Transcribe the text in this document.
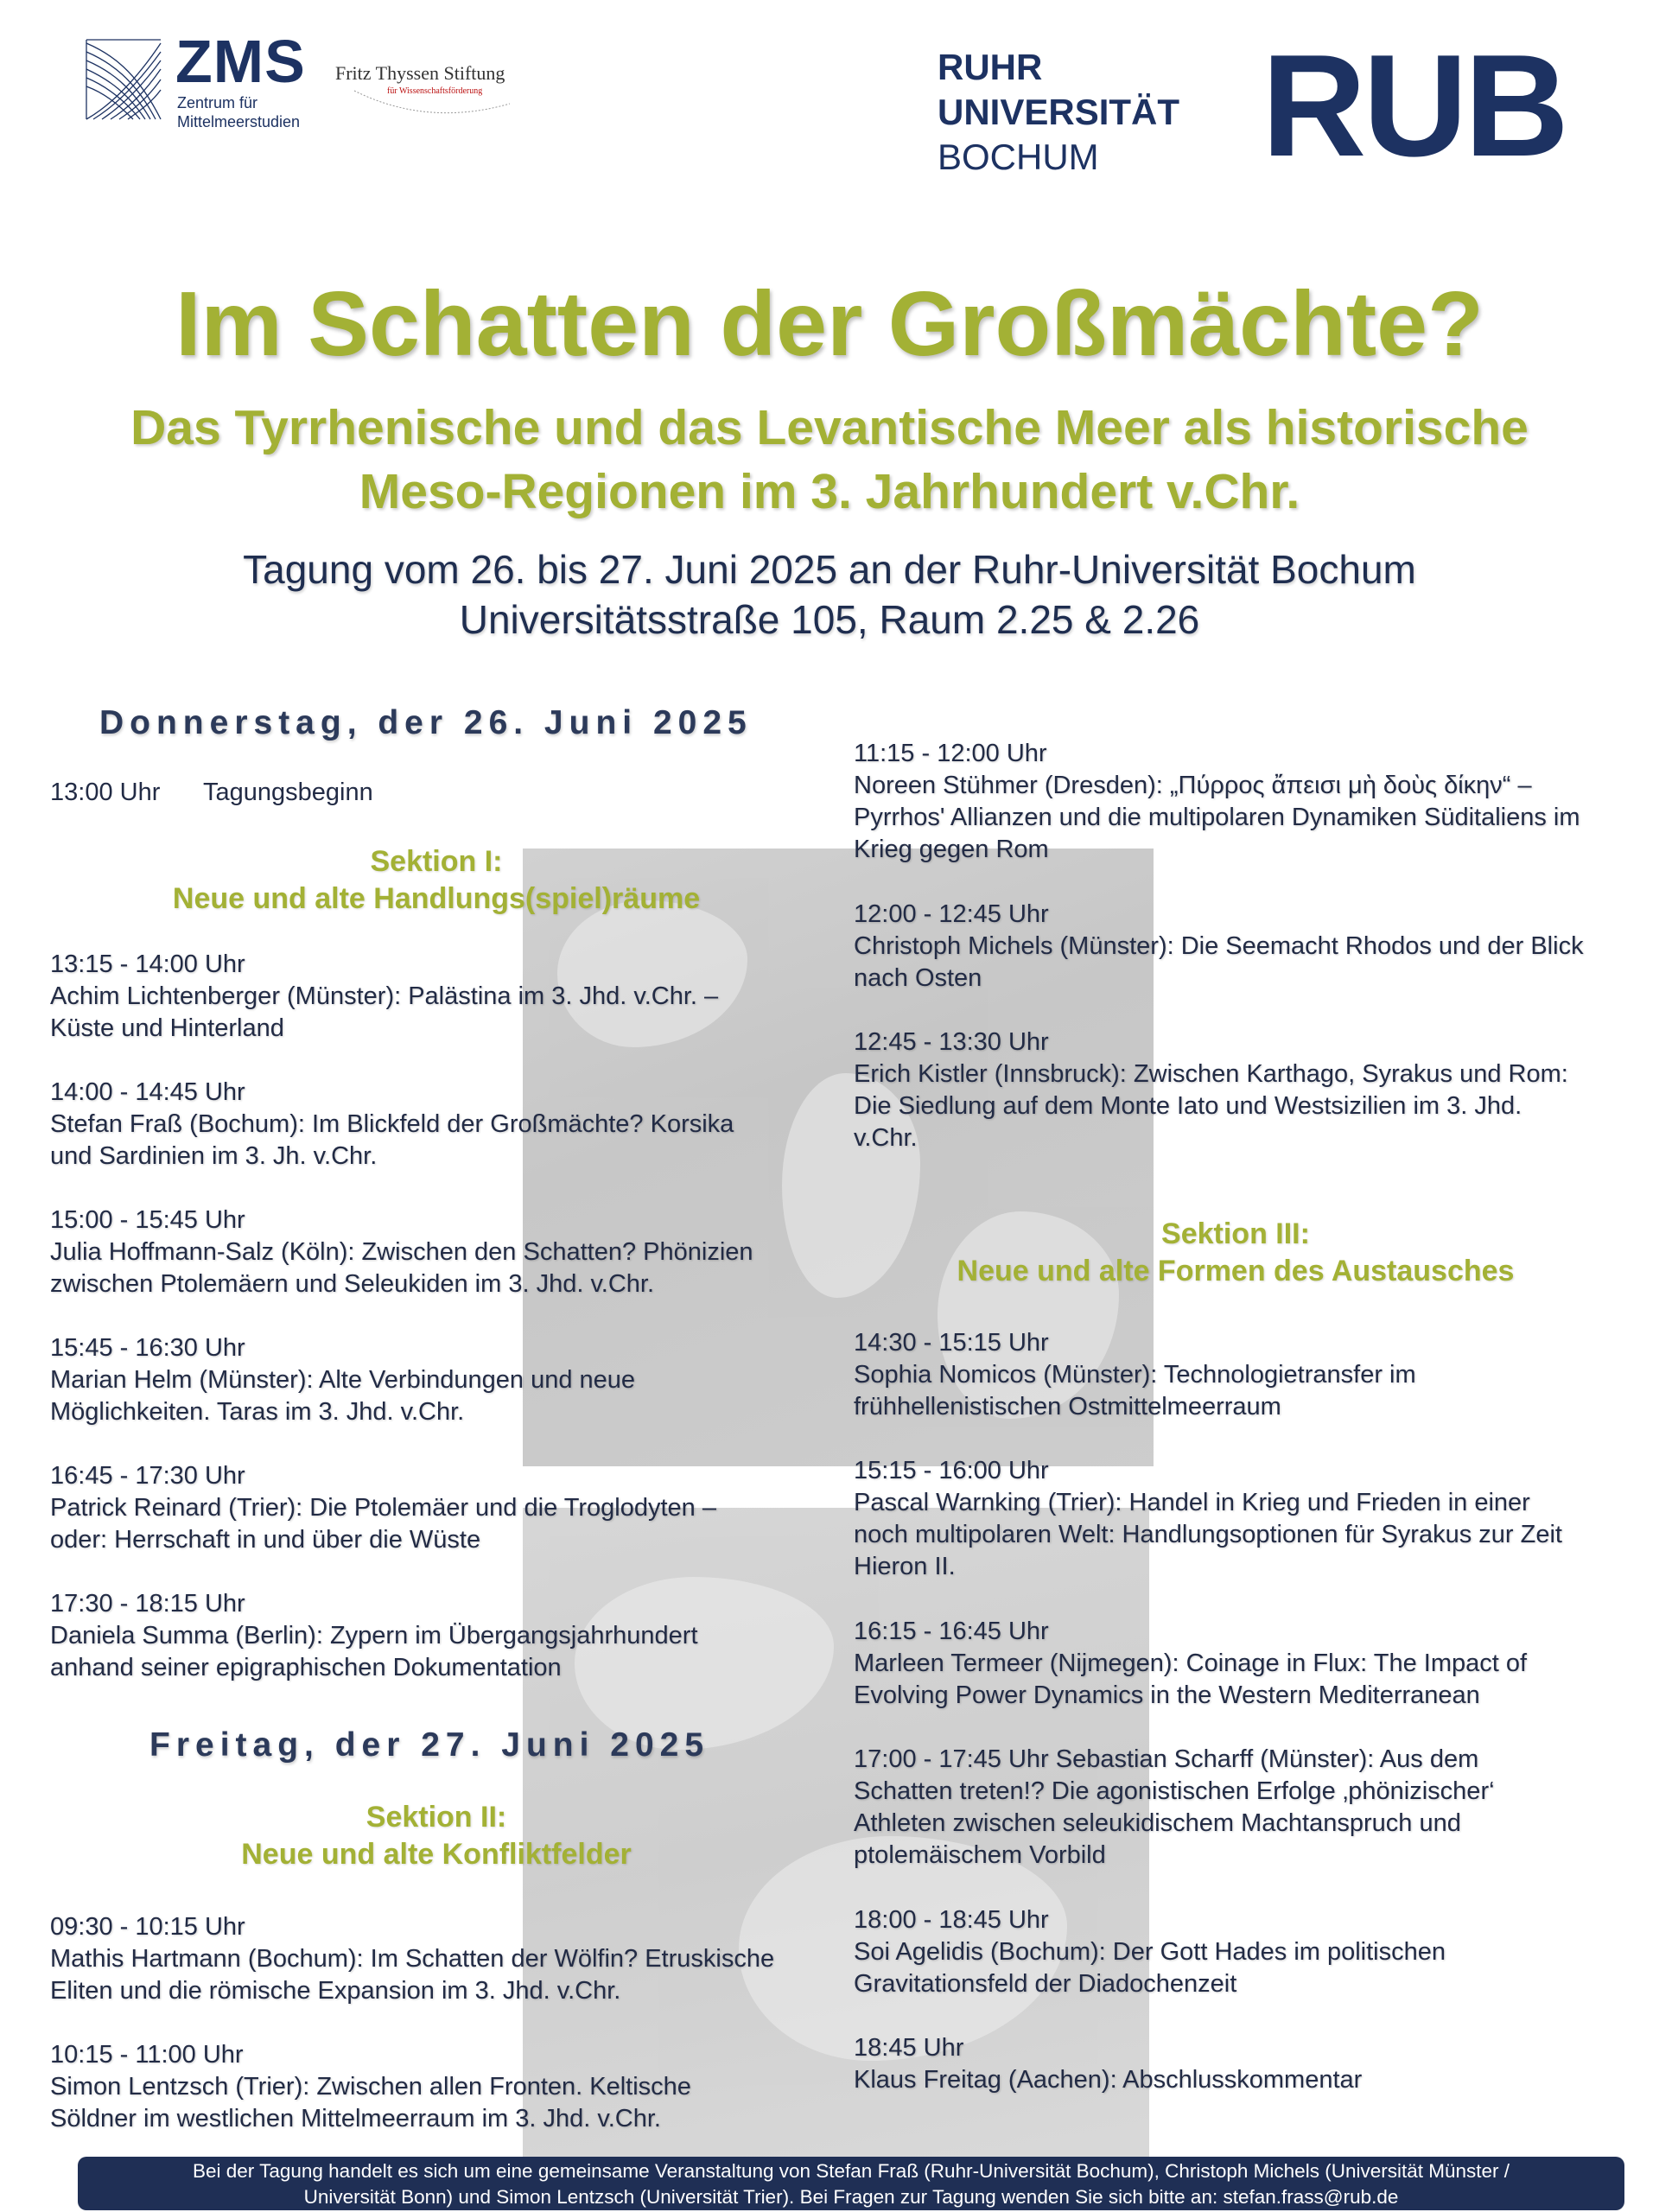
ZMS
Zentrum für
Mittelmeerstudien
Fritz Thyssen Stiftung
für Wissenschaftsförderung
RUHR
UNIVERSITÄT
BOCHUM	RUB
Im Schatten der Großmächte?
Das Tyrrhenische und das Levantische Meer als historische
Meso-Regionen im 3. Jahrhundert v.Chr.
Tagung vom 26. bis 27. Juni 2025 an der Ruhr-Universität Bochum
Universitätsstraße 105, Raum 2.25 & 2.26
Donnerstag, der 26. Juni 2025
13:00 Uhr Tagungsbeginn
Sektion I:
Neue und alte Handlungs(spiel)räume
13:15 - 14:00 Uhr
Achim Lichtenberger (Münster): Palästina im 3. Jhd. v.Chr. –
Küste und Hinterland
14:00 - 14:45 Uhr
Stefan Fraß (Bochum): Im Blickfeld der Großmächte? Korsika
und Sardinien im 3. Jh. v.Chr.
15:00 - 15:45 Uhr
Julia Hoffmann-Salz (Köln): Zwischen den Schatten? Phönizien
zwischen Ptolemäern und Seleukiden im 3. Jhd. v.Chr.
15:45 - 16:30 Uhr
Marian Helm (Münster): Alte Verbindungen und neue
Möglichkeiten. Taras im 3. Jhd. v.Chr.
16:45 - 17:30 Uhr
Patrick Reinard (Trier): Die Ptolemäer und die Troglodyten –
oder: Herrschaft in und über die Wüste
17:30 - 18:15 Uhr
Daniela Summa (Berlin): Zypern im Übergangsjahrhundert
anhand seiner epigraphischen Dokumentation
Freitag, der 27. Juni 2025
Sektion II:
Neue und alte Konfliktfelder
09:30 - 10:15 Uhr
Mathis Hartmann (Bochum): Im Schatten der Wölfin? Etruskische
Eliten und die römische Expansion im 3. Jhd. v.Chr.
10:15 - 11:00 Uhr
Simon Lentzsch (Trier): Zwischen allen Fronten. Keltische
Söldner im westlichen Mittelmeerraum im 3. Jhd. v.Chr.
11:15 - 12:00 Uhr
Noreen Stühmer (Dresden): „Πύρρος ἄπεισι μὴ δοὺς δίκην“ –
Pyrrhos' Allianzen und die multipolaren Dynamiken Süditaliens im
Krieg gegen Rom
12:00 - 12:45 Uhr
Christoph Michels (Münster): Die Seemacht Rhodos und der Blick
nach Osten
12:45 - 13:30 Uhr
Erich Kistler (Innsbruck): Zwischen Karthago, Syrakus und Rom:
Die Siedlung auf dem Monte Iato und Westsizilien im 3. Jhd.
v.Chr.
Sektion III:
Neue und alte Formen des Austausches
14:30 - 15:15 Uhr
Sophia Nomicos (Münster): Technologietransfer im
frühhellenistischen Ostmittelmeerraum
15:15 - 16:00 Uhr
Pascal Warnking (Trier): Handel in Krieg und Frieden in einer
noch multipolaren Welt: Handlungsoptionen für Syrakus zur Zeit
Hieron II.
16:15 - 16:45 Uhr
Marleen Termeer (Nijmegen): Coinage in Flux: The Impact of
Evolving Power Dynamics in the Western Mediterranean
17:00 - 17:45 Uhr Sebastian Scharff (Münster): Aus dem
Schatten treten!? Die agonistischen Erfolge ‚phönizischer‘
Athleten zwischen seleukidischem Machtanspruch und
ptolemäischem Vorbild
18:00 - 18:45 Uhr
Soi Agelidis (Bochum): Der Gott Hades im politischen
Gravitationsfeld der Diadochenzeit
18:45 Uhr
Klaus Freitag (Aachen): Abschlusskommentar
Bei der Tagung handelt es sich um eine gemeinsame Veranstaltung von Stefan Fraß (Ruhr-Universität Bochum), Christoph Michels (Universität Münster /
Universität Bonn) und Simon Lentzsch (Universität Trier). Bei Fragen zur Tagung wenden Sie sich bitte an: stefan.frass@rub.de
